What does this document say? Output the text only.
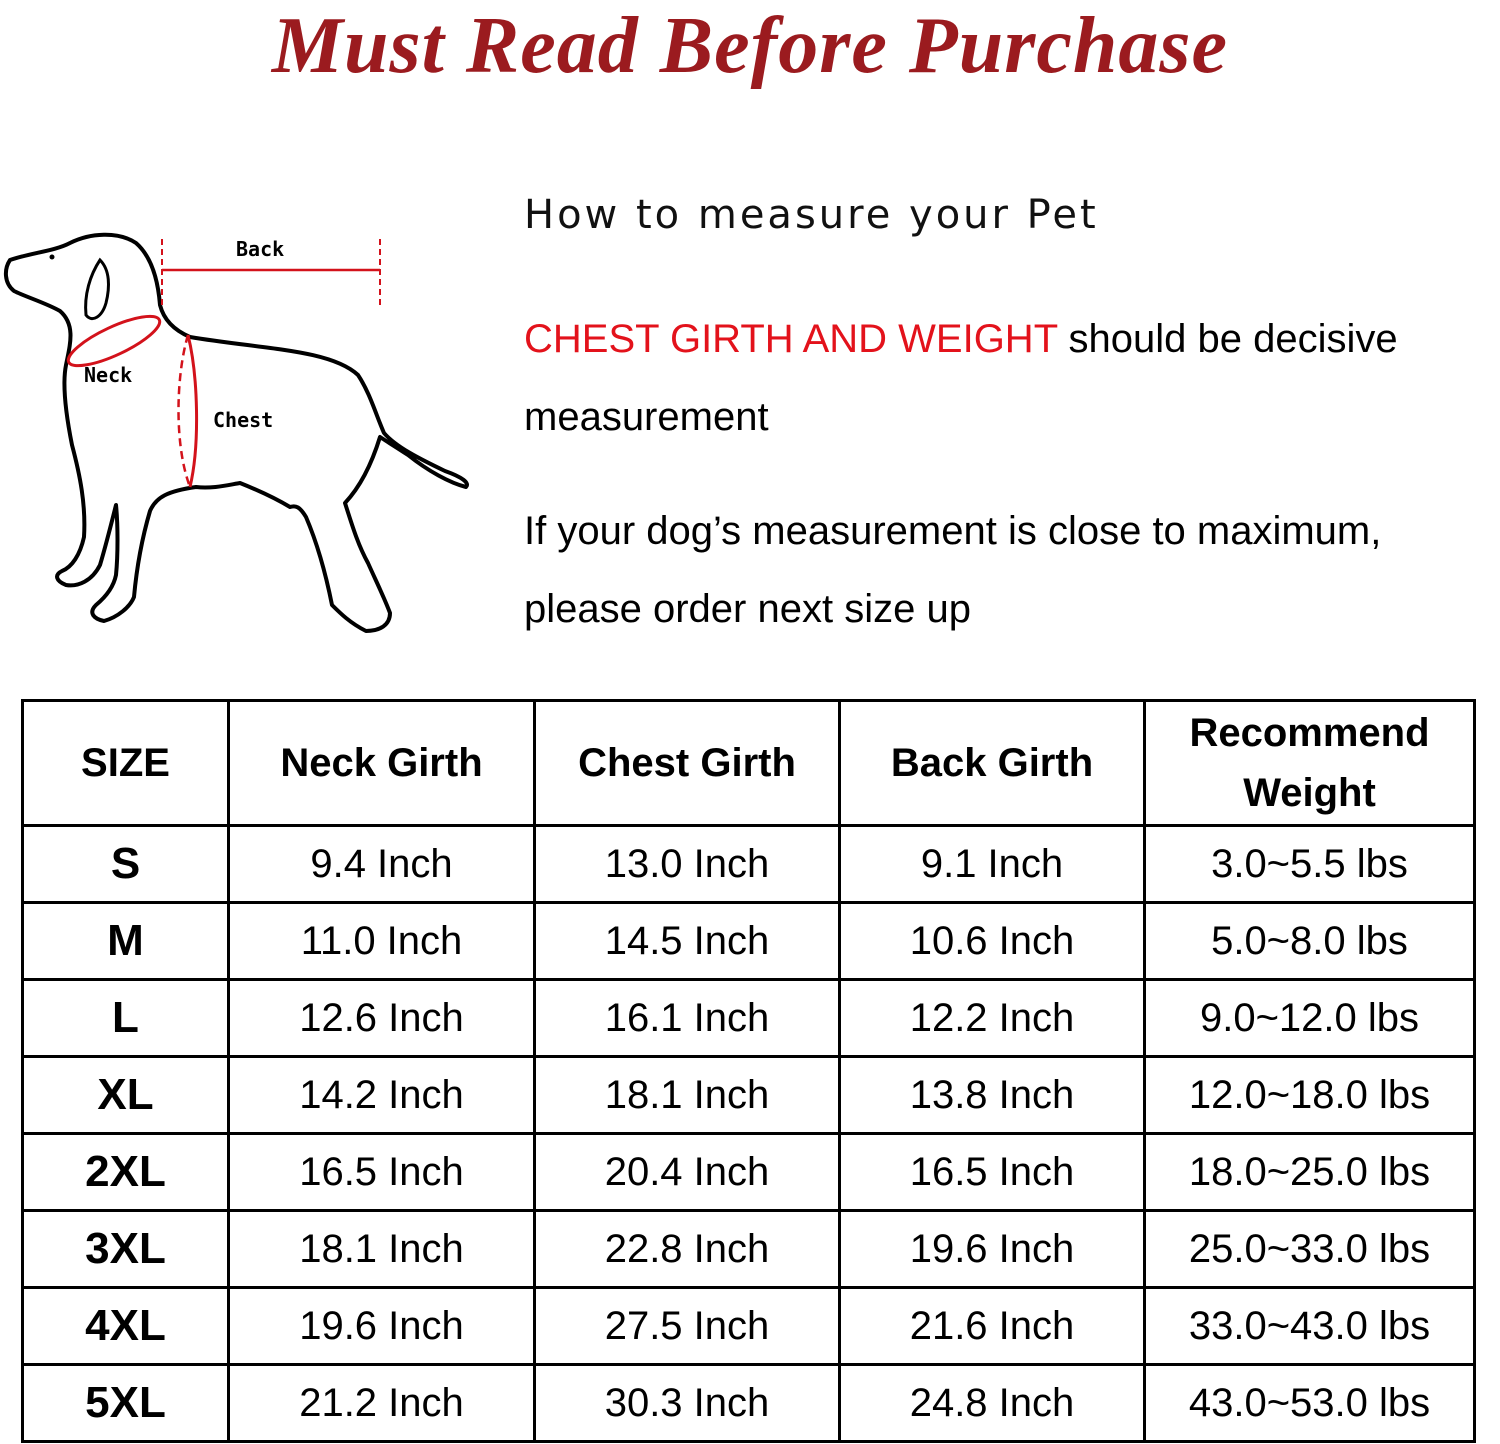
Must Read Before Purchase
Back
Neck
Chest
How to measure your Pet
CHEST GIRTH AND WEIGHT should be decisive measurement
If your dog’s measurement is close to maximum, please order next size up
SIZE	Neck Girth	Chest Girth	Back Girth	Recommend Weight
S	9.4 Inch	13.0 Inch	9.1 Inch	3.0~5.5 lbs
M	11.0 Inch	14.5 Inch	10.6 Inch	5.0~8.0 lbs
L	12.6 Inch	16.1 Inch	12.2 Inch	9.0~12.0 lbs
XL	14.2 Inch	18.1 Inch	13.8 Inch	12.0~18.0 lbs
2XL	16.5 Inch	20.4 Inch	16.5 Inch	18.0~25.0 lbs
3XL	18.1 Inch	22.8 Inch	19.6 Inch	25.0~33.0 lbs
4XL	19.6 Inch	27.5 Inch	21.6 Inch	33.0~43.0 lbs
5XL	21.2 Inch	30.3 Inch	24.8 Inch	43.0~53.0 lbs
